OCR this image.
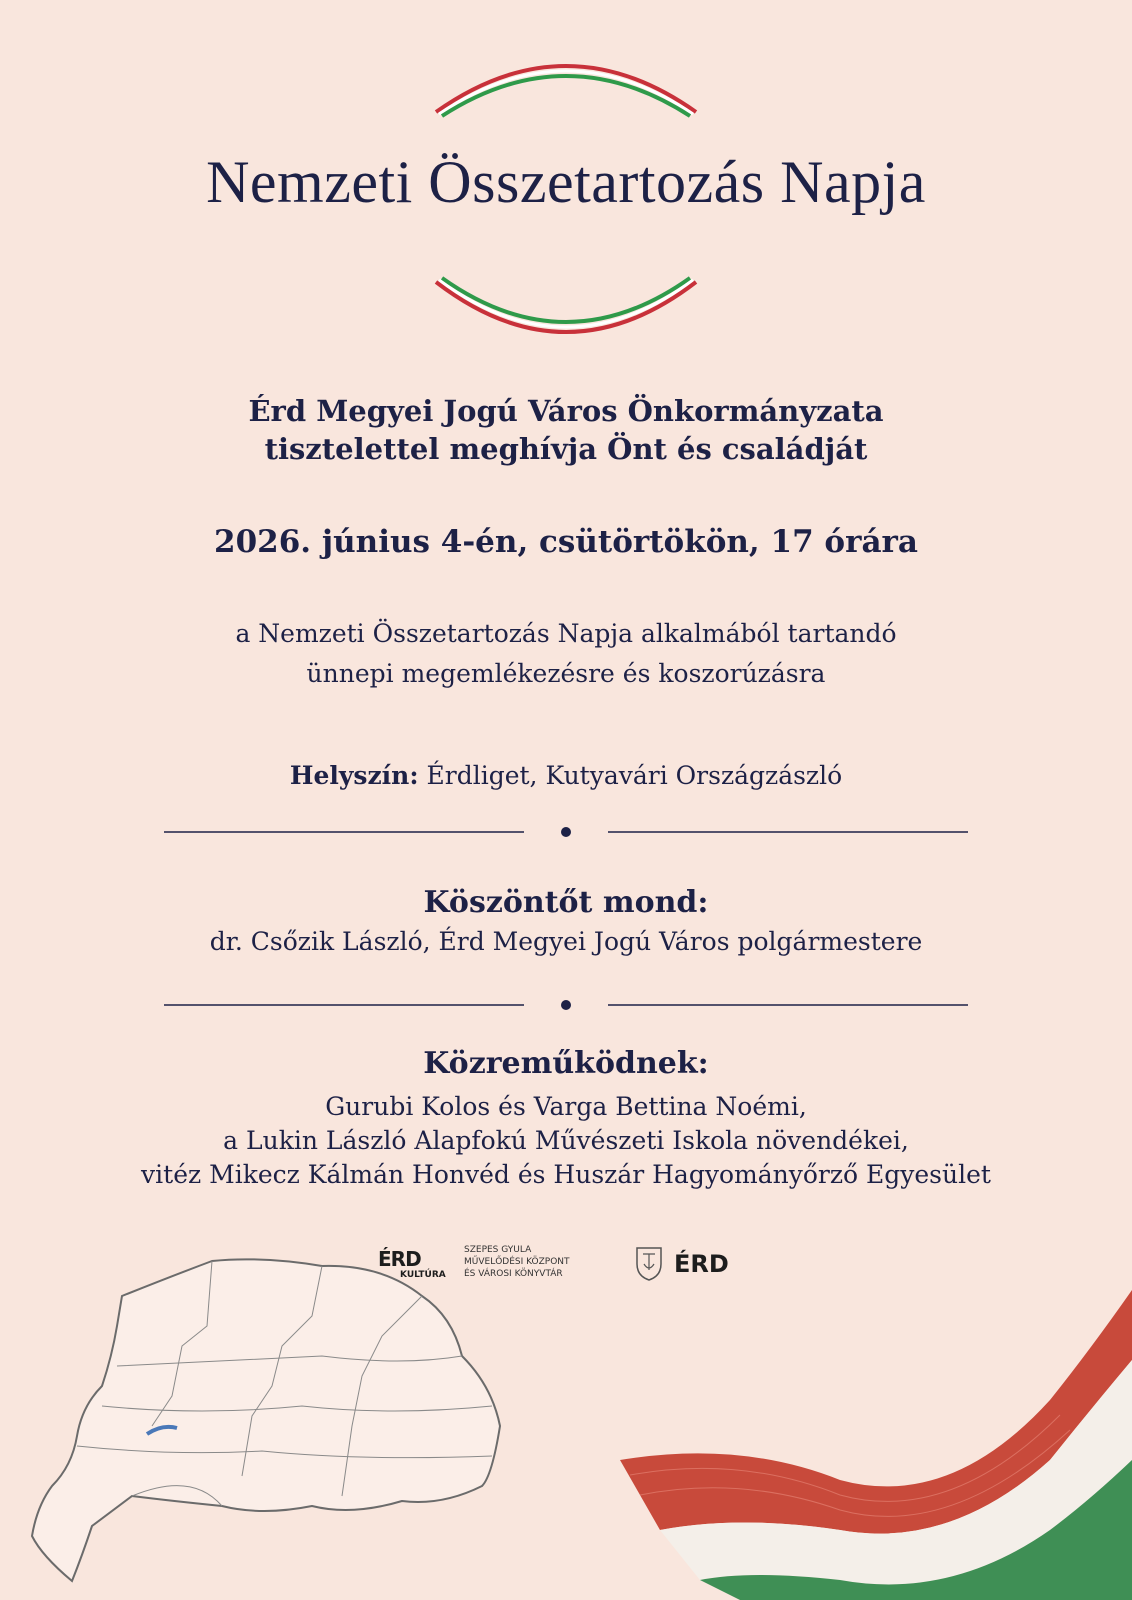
Nemzeti Összetartozás Napja
Érd Megyei Jogú Város Önkormányzata
tisztelettel meghívja Önt és családját
2026. június 4-én, csütörtökön, 17 órára
a Nemzeti Összetartozás Napja alkalmából tartandó
ünnepi megemlékezésre és koszorúzásra
Helyszín: Érdliget, Kutyavári Országzászló
Köszöntőt mond:
dr. Csőzik László, Érd Megyei Jogú Város polgármestere
Közreműködnek:
Gurubi Kolos és Varga Bettina Noémi,
a Lukin László Alapfokú Művészeti Iskola növendékei,
vitéz Mikecz Kálmán Honvéd és Huszár Hagyományőrző Egyesület
ÉRD
KULTÚRA
SZEPES GYULA
MŰVELŐDÉSI KÖZPONT
ÉS VÁROSI KÖNYVTÁR	ÉRD
